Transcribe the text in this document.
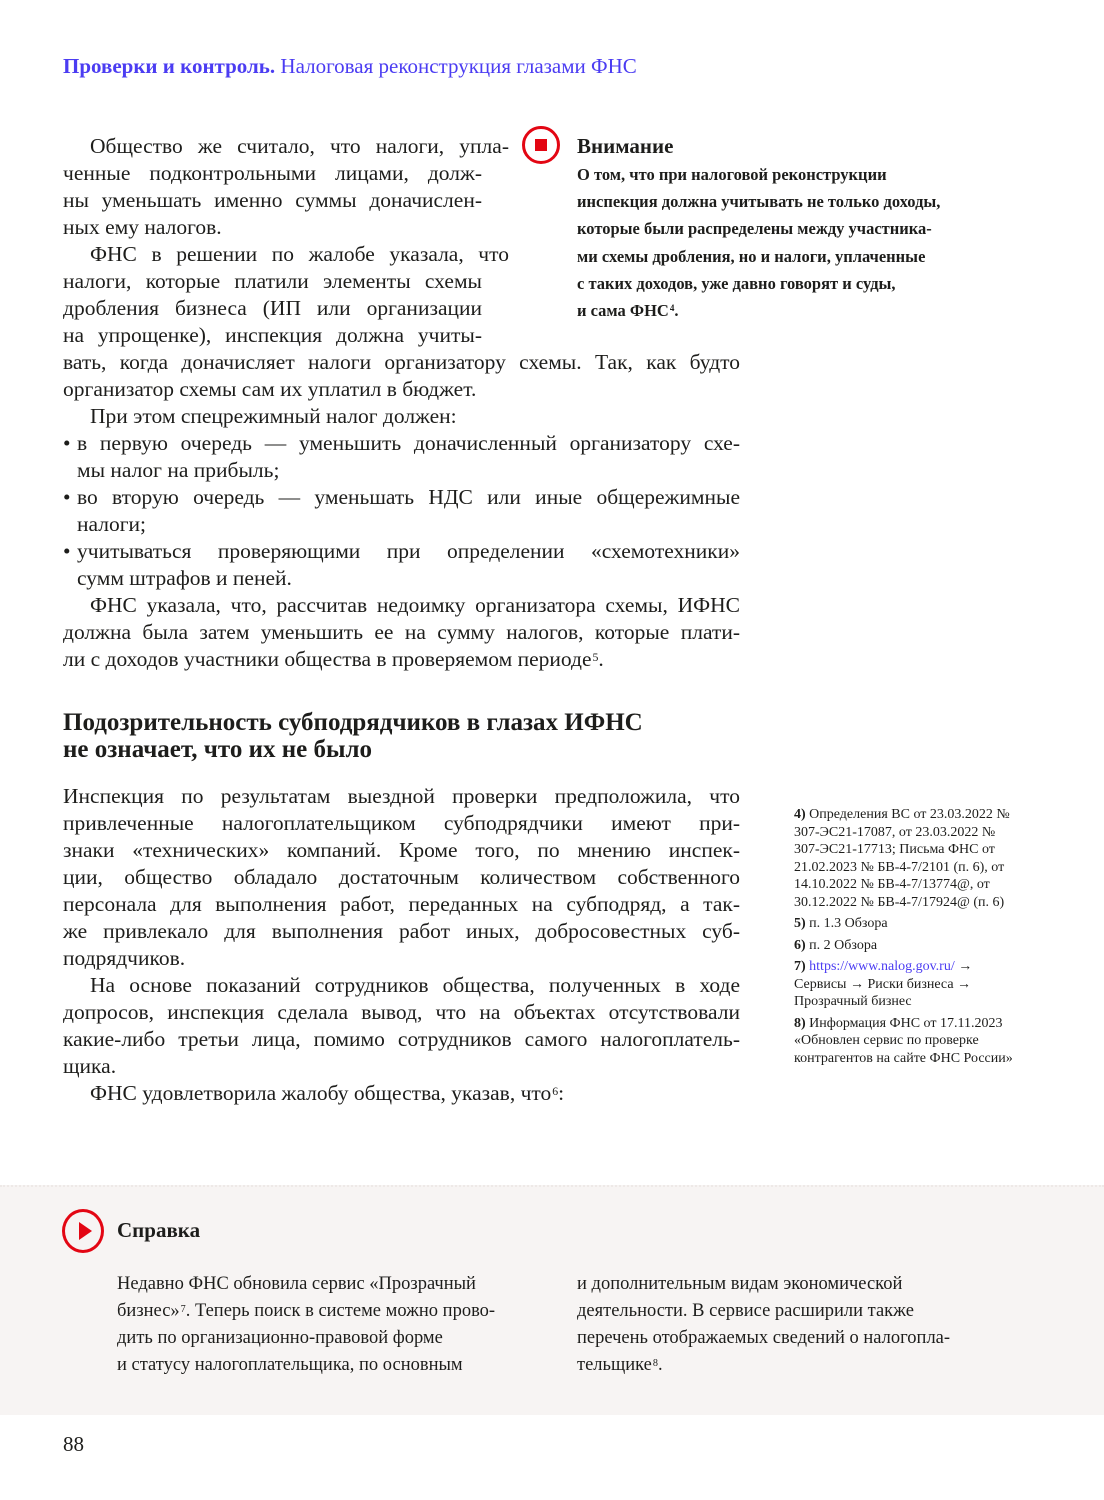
Проверки и контроль. Налоговая реконструкция глазами ФНС
Общество же считало, что налоги, упла-
ченные подконтрольными лицами, долж-
ны уменьшать именно суммы доначислен-
ных ему налогов.
ФНС в решении по жалобе указала, что
налоги, которые платили элементы схемы
дробления бизнеса (ИП или организации
на упрощенке), инспекция должна учиты-
вать, когда доначисляет налоги организатору схемы. Так, как будто
организатор схемы сам их уплатил в бюджет.
При этом спецрежимный налог должен:
• в первую очередь — уменьшить доначисленный организатору схе-
мы налог на прибыль;
• во вторую очередь — уменьшать НДС или иные общережимные
налоги;
• учитываться проверяющими при определении «схемотехники»
сумм штрафов и пеней.
ФНС указала, что, рассчитав недоимку организатора схемы, ИФНС
должна была затем уменьшить ее на сумму налогов, которые плати-
ли с доходов участники общества в проверяемом периоде$^5$.
Внимание
О том, что при налоговой реконструкции
инспекция должна учитывать не только доходы,
которые были распределены между участника-
ми схемы дробления, но и налоги, уплаченные
с таких доходов, уже давно говорят и суды,
и сама ФНС$^4$.
Подозрительность субподрядчиков в глазах ИФНС
не означает, что их не было
Инспекция по результатам выездной проверки предположила, что
привлеченные налогоплательщиком субподрядчики имеют при-
знаки «технических» компаний. Кроме того, по мнению инспек-
ции, общество обладало достаточным количеством собственного
персонала для выполнения работ, переданных на субподряд, а так-
же привлекало для выполнения работ иных, добросовестных суб-
подрядчиков.
На основе показаний сотрудников общества, полученных в ходе
допросов, инспекция сделала вывод, что на объектах отсутствовали
какие-либо третьи лица, помимо сотрудников самого налогоплатель-
щика.
ФНС удовлетворила жалобу общества, указав, что$^6$:
4) Определения ВС от 23.03.2022 № 307-ЭС21-17087, от 23.03.2022 № 307-ЭС21-17713; Письма ФНС от 21.02.2023 № БВ-4-7/2101 (п. 6), от 14.10.2022 № БВ-4-7/13774@, от 30.12.2022 № БВ-4-7/17924@ (п. 6)
5) п. 1.3 Обзора
6) п. 2 Обзора
7) https://www.nalog.gov.ru/ → Сервисы → Риски бизнеса → Прозрачный бизнес
8) Информация ФНС от 17.11.2023 «Обновлен сервис по проверке контрагентов на сайте ФНС России»
Справка
Недавно ФНС обновила сервис «Прозрачный
бизнес»$^7$. Теперь поиск в системе можно прово-
дить по организационно-правовой форме
и статусу налогоплательщика, по основным
и дополнительным видам экономической
деятельности. В сервисе расширили также
перечень отображаемых сведений о налогопла-
тельщике$^8$.
88
